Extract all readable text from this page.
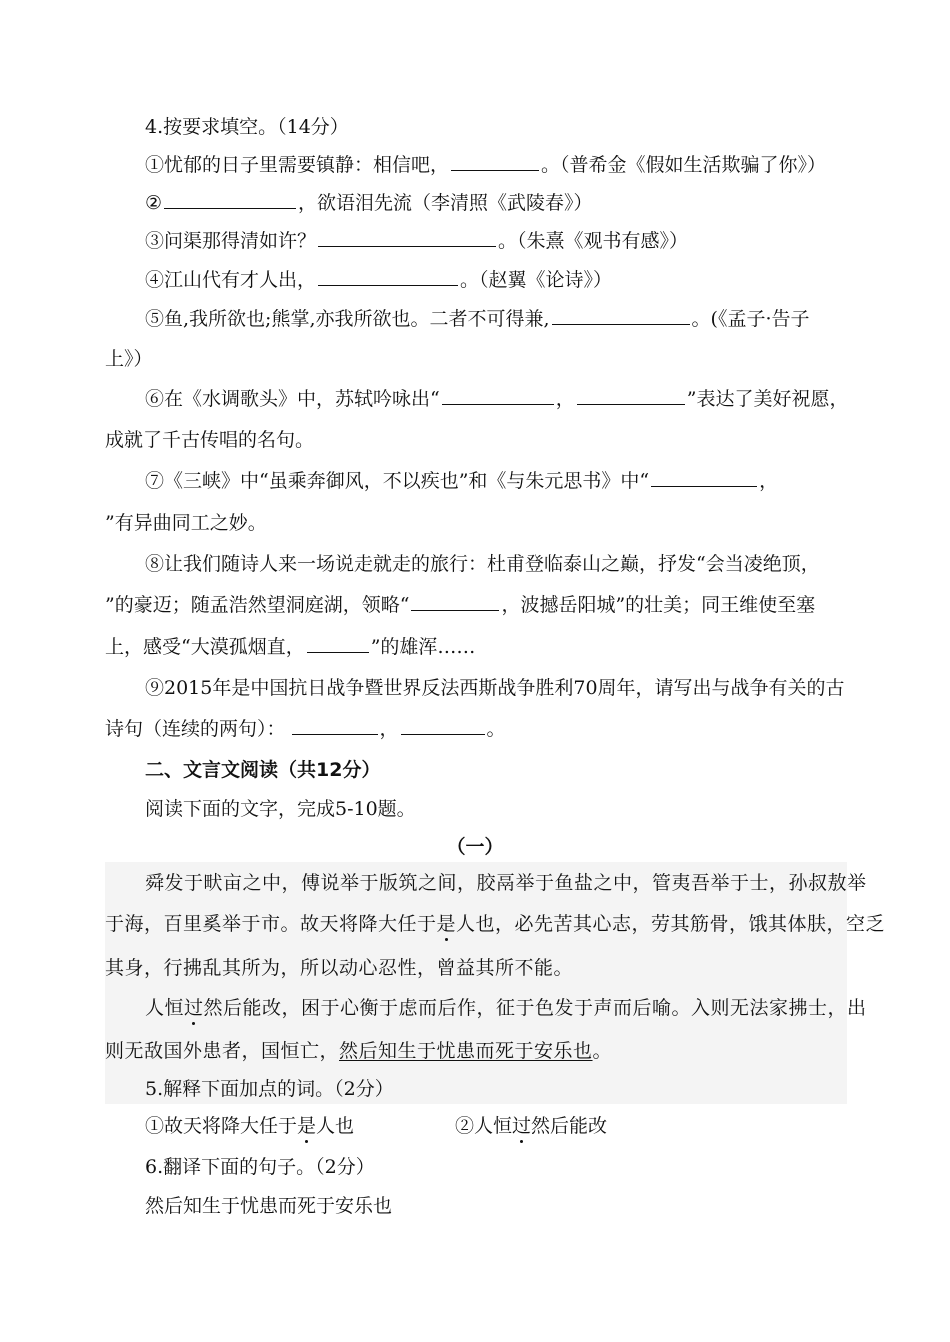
4.按要求填空。（14分）
①忧郁的日子里需要镇静：相信吧，	。（普希金《假如生活欺骗了你》）
②	，欲语泪先流（李清照《武陵春》）
③问渠那得清如许？	。（朱熹《观书有感》）
④江山代有才人出，	。（赵翼《论诗》）
⑤鱼,我所欲也;熊掌,亦我所欲也。二者不可得兼,	。(《孟子·告子
上》）
⑥在《水调歌头》中，苏轼吟咏出“	，	”表达了美好祝愿，
成就了千古传唱的名句。
⑦《三峡》中“虽乘奔御风，不以疾也”和《与朱元思书》中“	，
”有异曲同工之妙。
⑧让我们随诗人来一场说走就走的旅行：杜甫登临泰山之巅，抒发“会当凌绝顶，
”的豪迈；随孟浩然望洞庭湖，领略“	，波撼岳阳城”的壮美；同王维使至塞
上，感受“大漠孤烟直，	”的雄浑……
⑨2015年是中国抗日战争暨世界反法西斯战争胜利70周年，请写出与战争有关的古
诗句（连续的两句）：	，	。
二、文言文阅读（共12分）
阅读下面的文字，完成5-10题。
（一）
舜发于畎亩之中，傅说举于版筑之间，胶鬲举于鱼盐之中，管夷吾举于士，孙叔敖举
于海，百里奚举于市。故天将降大任于是人也，必先苦其心志，劳其筋骨，饿其体肤，空乏
其身，行拂乱其所为，所以动心忍性，曾益其所不能。
人恒过然后能改，困于心衡于虑而后作，征于色发于声而后喻。入则无法家拂士，出
则无敌国外患者，国恒亡，然后知生于忧患而死于安乐也。
5.解释下面加点的词。（2分）
①故天将降大任于是人也	②人恒过然后能改
6.翻译下面的句子。（2分）
然后知生于忧患而死于安乐也
